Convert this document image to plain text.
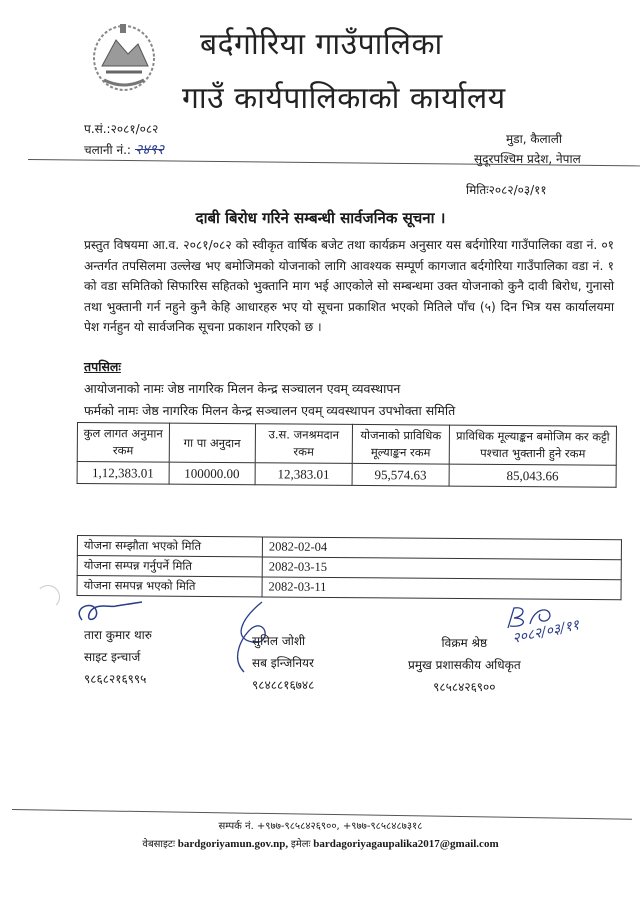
बर्दगोरिया गाउँपालिका
गाउँ कार्यपालिकाको कार्यालय
प.सं.:२०८१/०८२
चलानी नं.: २४९२
मुडा, कैलाली
सुदूरपश्चिम प्रदेश, नेपाल
मितिः२०८२/०३/११
दाबी बिरोध गरिने सम्बन्धी सार्वजनिक सूचना ।
प्रस्तुत विषयमा आ.व. २०८१/०८२ को स्वीकृत वार्षिक बजेट तथा कार्यक्रम अनुसार यस बर्दगोरिया गाउँपालिका वडा नं. ०१ अन्तर्गत तपसिलमा उल्लेख भए बमोजिमको योजनाको लागि आवश्यक सम्पूर्ण कागजात बर्दगोरिया गाउँपालिका वडा नं. १ को वडा समितिको सिफारिस सहितको भुक्तानि माग भई आएकोले सो सम्बन्धमा उक्त योजनाको कुनै दावी बिरोध, गुनासो तथा भुक्तानी गर्न नहुने कुनै केहि आधारहरु भए यो सूचना प्रकाशित भएको मितिले पाँच (५) दिन भित्र यस कार्यालयमा पेश गर्नहुन यो सार्वजनिक सूचना प्रकाशन गरिएको छ ।
तपसिलः
आयोजनाको नामः जेष्ठ नागरिक मिलन केन्द्र सञ्चालन एवम् व्यवस्थापन
फर्मको नामः जेष्ठ नागरिक मिलन केन्द्र सञ्चालन एवम् व्यवस्थापन उपभोक्ता समिति
कुल लागत अनुमान रकम	गा पा अनुदान	उ.स. जनश्रमदान रकम	योजनाको प्राविधिक मूल्याङ्कन रकम	प्राविधिक मूल्याङ्कन बमोजिम कर कट्टी पश्चात भुक्तानी हुने रकम
1,12,383.01	100000.00	12,383.01	95,574.63	85,043.66
योजना सम्झौता भएको मिति	2082-02-04
योजना सम्पन्न गर्नुपर्ने मिति	2082-03-15
योजना समपन्न भएको मिति	2082-03-11
तारा कुमार थारु
साइट इन्चार्ज
९८६८२१६९९५
सुनिल जोशी
सब इन्जिनियर
९८४८८१६७४८
२०८२/०३/११
विक्रम श्रेष्ठ
प्रमुख प्रशासकीय अधिकृत
९८५८४२६९००
सम्पर्क नं. +९७७-९८५८४२६९००, +९७७-९८५८४८७३१८
वेबसाइटः bardgoriyamun.gov.np, इमेलः bardagoriyagaupalika2017@gmail.com
